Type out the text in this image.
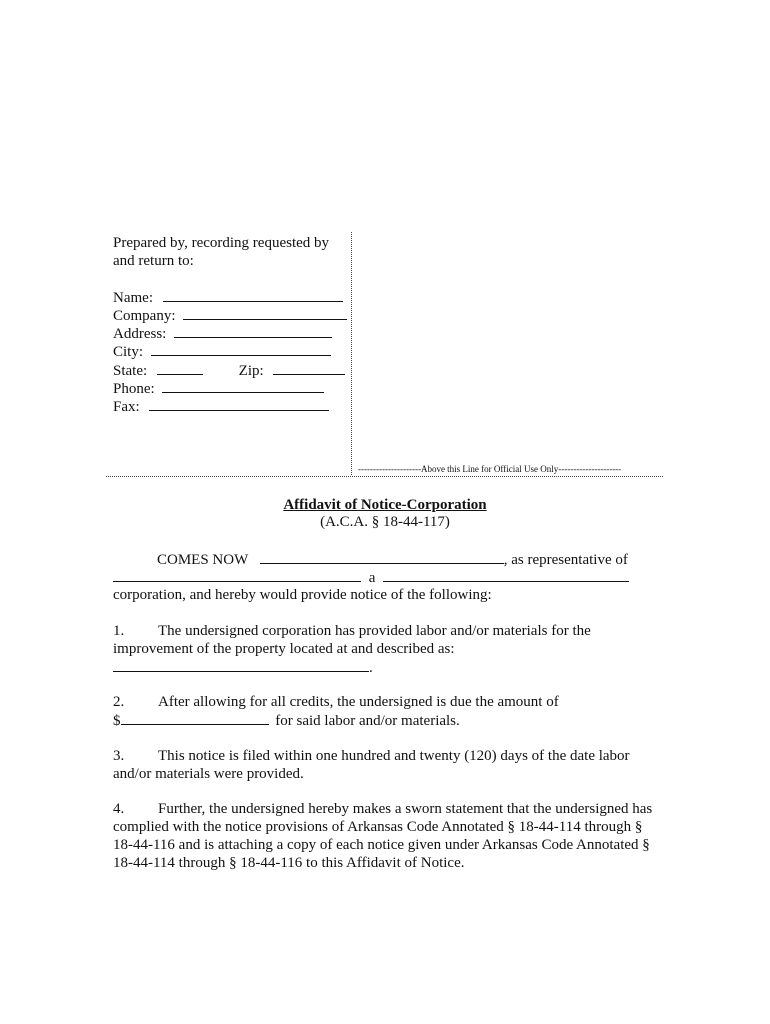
Prepared by, recording requested by
and return to:
Name:
Company:
Address:
City:
State:	Zip:
Phone:
Fax:
---------------------Above this Line for Official Use Only---------------------
Affidavit of Notice-Corporation
(A.C.A. § 18-44-117)
COMES NOW	, as representative of
a
corporation, and hereby would provide notice of the following:
1. The undersigned corporation has provided labor and/or materials for the
improvement of the property located at and described as:
.
2. After allowing for all credits, the undersigned is due the amount of
$	for said labor and/or materials.
3. This notice is filed within one hundred and twenty (120) days of the date labor
and/or materials were provided.
4. Further, the undersigned hereby makes a sworn statement that the undersigned has
complied with the notice provisions of Arkansas Code Annotated § 18-44-114 through §
18-44-116 and is attaching a copy of each notice given under Arkansas Code Annotated §
18-44-114 through § 18-44-116 to this Affidavit of Notice.
